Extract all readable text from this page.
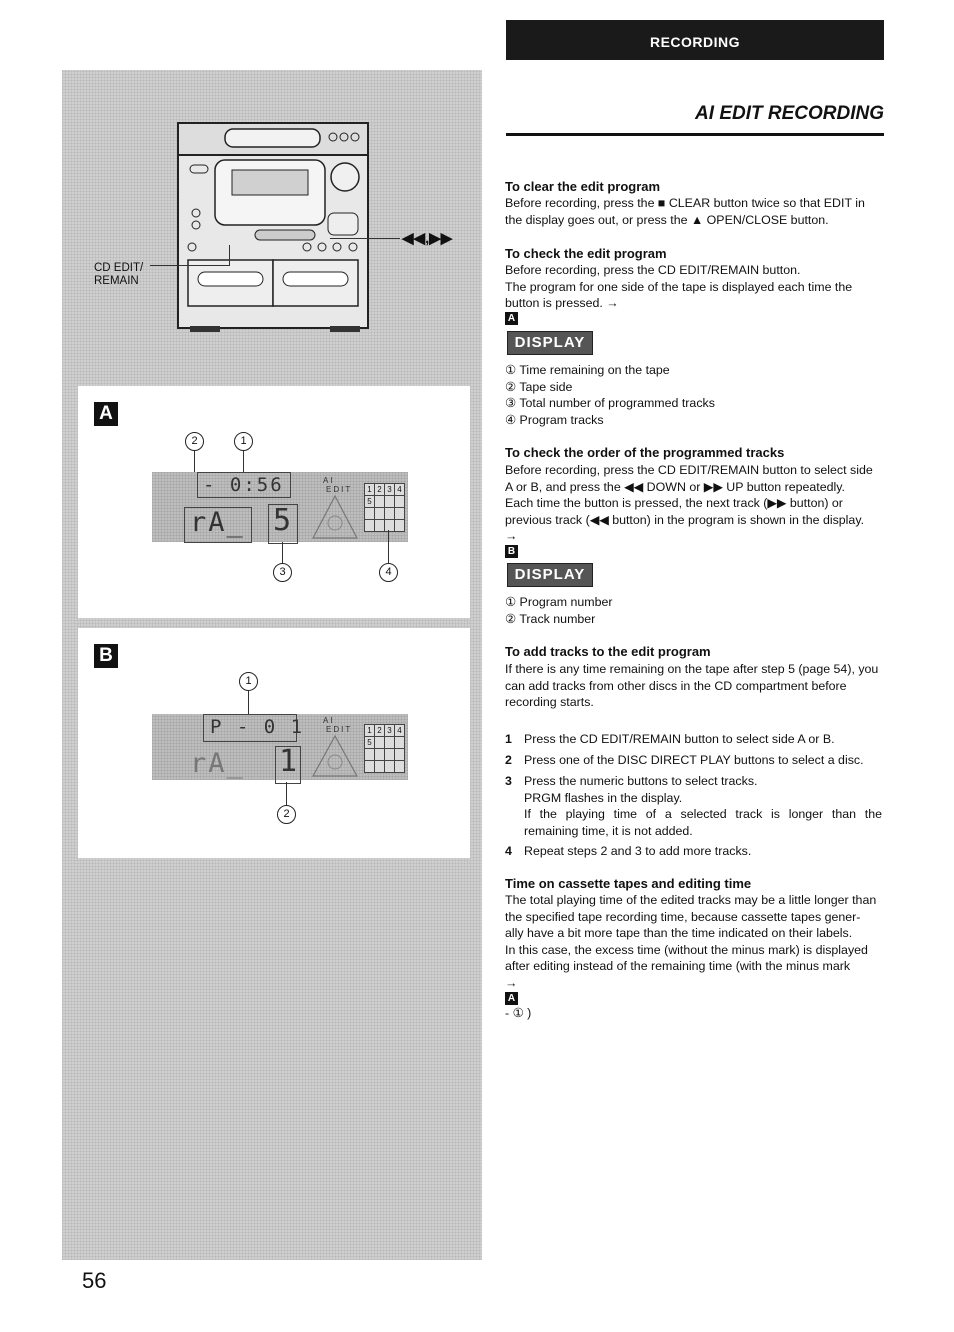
CD EDIT/
REMAIN
◀◀,▶▶
A
2	1
- 0:56
rA_ 5
AI
EDIT 1	2	3	4
5			

3	4
B
1
P - 0 1
rA_ 1
AI
EDIT 1	2	3	4
5			

2
56
RECORDING
AI EDIT RECORDING
To clear the edit program
Before recording, press the ■ CLEAR button twice so that EDIT in
the display goes out, or press the ▲ OPEN/CLOSE button.
To check the edit program
Before recording, press the CD EDIT/REMAIN button.
The program for one side of the tape is displayed each time the
button is pressed. →
A
DISPLAY
① Time remaining on the tape
② Tape side
③ Total number of programmed tracks
④ Program tracks
To check the order of the programmed tracks
Before recording, press the CD EDIT/REMAIN button to select side
A or B, and press the ◀◀ DOWN or ▶▶ UP button repeatedly.
Each time the button is pressed, the next track (▶▶ button) or
previous track (◀◀ button) in the program is shown in the display.
→
B
DISPLAY
① Program number
② Track number
To add tracks to the edit program
If there is any time remaining on the tape after step 5 (page 54), you
can add tracks from other discs in the CD compartment before
recording starts.
1 Press the CD EDIT/REMAIN button to select side A or B.
2 Press one of the DISC DIRECT PLAY buttons to select a disc.
3 Press the numeric buttons to select tracks.
PRGM flashes in the display.
If the playing time of a selected track is longer than the
remaining time, it is not added.
4 Repeat steps 2 and 3 to add more tracks.
Time on cassette tapes and editing time
The total playing time of the edited tracks may be a little longer than
the specified tape recording time, because cassette tapes gener-
ally have a bit more tape than the time indicated on their labels.
In this case, the excess time (without the minus mark) is displayed
after editing instead of the remaining time (with the minus mark
→
A
- ① )
